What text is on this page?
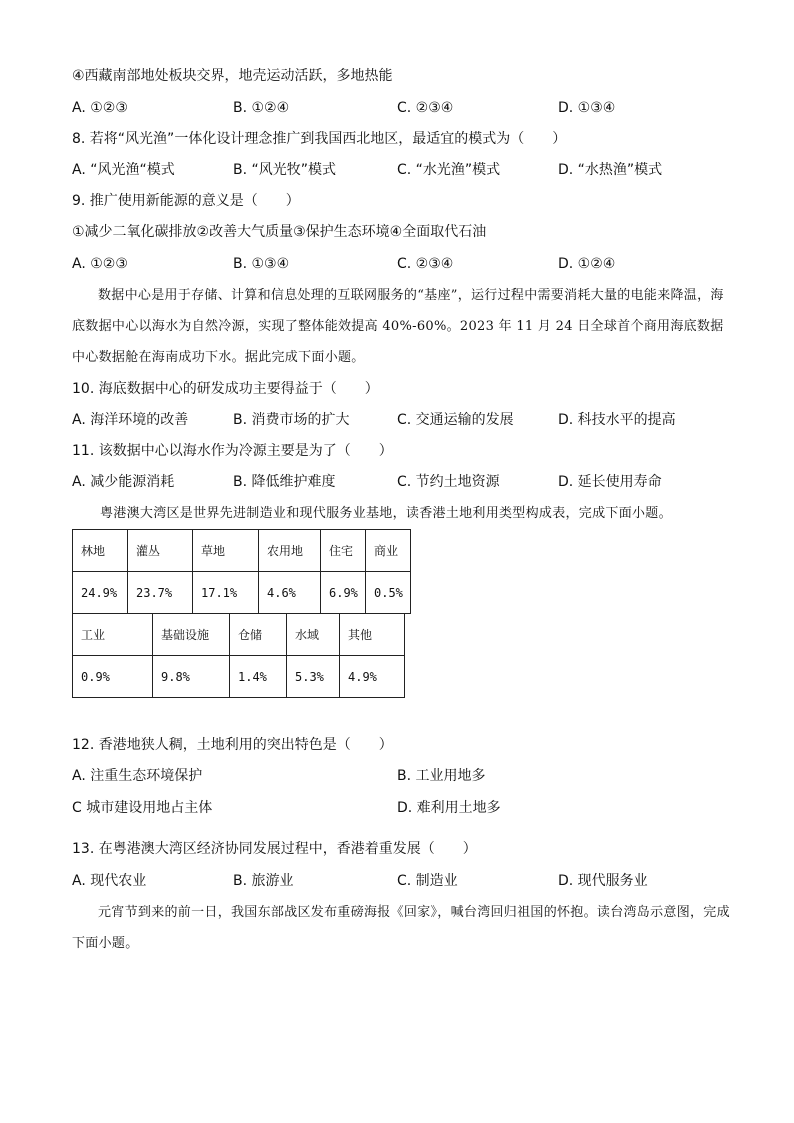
④西藏南部地处板块交界，地壳运动活跃，多地热能
A. ①②③	B. ①②④	C. ②③④	D. ①③④
8. 若将“风光渔”一体化设计理念推广到我国西北地区，最适宜的模式为（　　）
A. “风光渔“模式	B. “风光牧”模式	C. “水光渔”模式	D. “水热渔”模式
9. 推广使用新能源的意义是（　　）
①减少二氧化碳排放②改善大气质量③保护生态环境④全面取代石油
A. ①②③	B. ①③④	C. ②③④	D. ①②④
数据中心是用于存储、计算和信息处理的互联网服务的“基座”，运行过程中需要消耗大量的电能来降温，海底数据中心以海水为自然冷源，实现了整体能效提高 40%-60%。2023 年 11 月 24 日全球首个商用海底数据中心数据舱在海南成功下水。据此完成下面小题。
10. 海底数据中心的研发成功主要得益于（　　）
A. 海洋环境的改善	B. 消费市场的扩大	C. 交通运输的发展	D. 科技水平的提高
11. 该数据中心以海水作为冷源主要是为了（　　）
A. 减少能源消耗	B. 降低维护难度	C. 节约土地资源	D. 延长使用寿命
粤港澳大湾区是世界先进制造业和现代服务业基地，读香港土地利用类型构成表，完成下面小题。
林地	灌丛	草地	农用地	住宅	商业
24.9%	23.7%	17.1%	4.6%	6.9%	0.5%
工业	基础设施	仓储	水域	其他
0.9%	9.8%	1.4%	5.3%	4.9%
12. 香港地狭人稠，土地利用的突出特色是（　　）
A. 注重生态环境保护	B. 工业用地多
C 城市建设用地占主体	D. 难利用土地多
13. 在粤港澳大湾区经济协同发展过程中，香港着重发展（　　）
A. 现代农业	B. 旅游业	C. 制造业	D. 现代服务业
元宵节到来的前一日，我国东部战区发布重磅海报《回家》，喊台湾回归祖国的怀抱。读台湾岛示意图，完成下面小题。
